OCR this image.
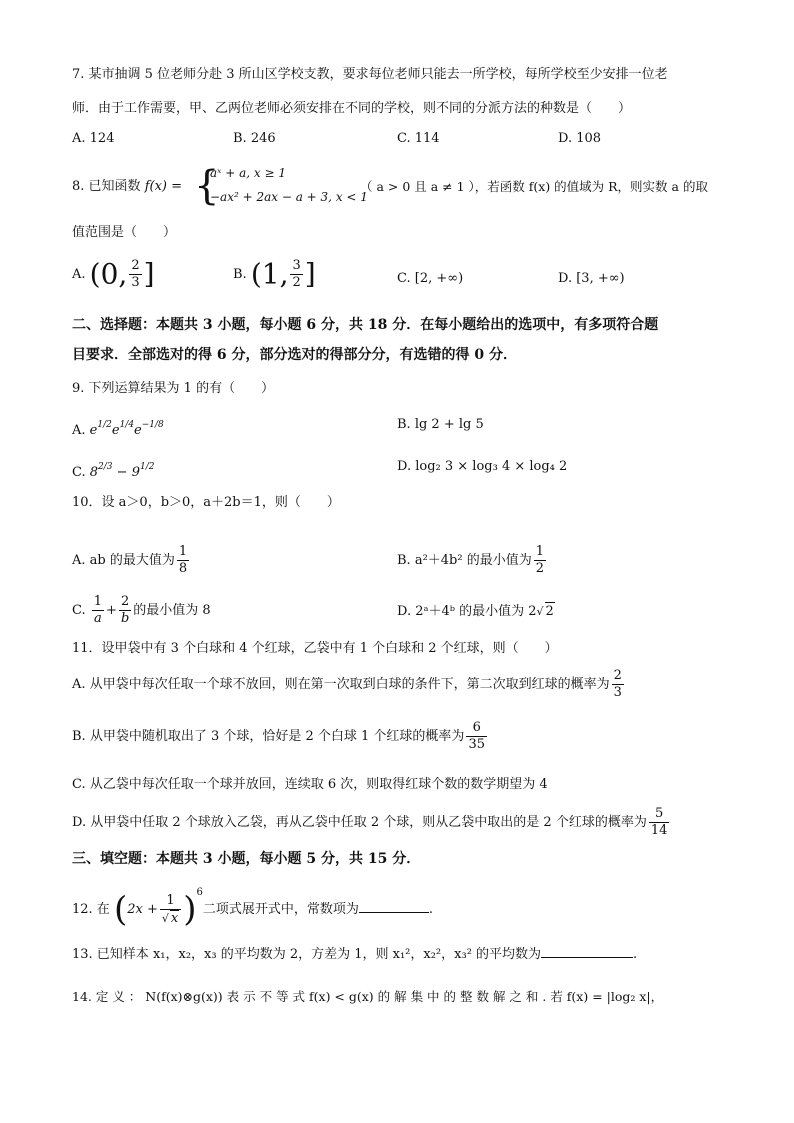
7. 某市抽调 5 位老师分赴 3 所山区学校支教，要求每位老师只能去一所学校，每所学校至少安排一位老
师．由于工作需要，甲、乙两位老师必须安排在不同的学校，则不同的分派方法的种数是（　　）
A. 124	B. 246	C. 114	D. 108
8. 已知函数 f(x) = {
aˣ + a, x ≥ 1
−ax² + 2ax − a + 3, x < 1
（ a > 0 且 a ≠ 1 ），若函数 f(x) 的值域为 R，则实数 a 的取
值范围是（　　）
A. (0, $\frac{2}{3}$ ]	B. (1, $\frac{3}{2}$ ]	C. [2, +∞)	D. [3, +∞)
二、选择题：本题共 3 小题，每小题 6 分，共 18 分．在每小题给出的选项中，有多项符合题
目要求．全部选对的得 6 分，部分选对的得部分分，有选错的得 0 分．
9. 下列运算结果为 1 的有（　　）
A. $e^{1/2}e^{1/4}e^{-1/8}$	B. lg 2 + lg 5
C. $8^{2/3} - 9^{1/2}$	D. log₂ 3 × log₃ 4 × log₄ 2
10．设 a＞0，b＞0，a＋2b＝1，则（　　）
A. ab 的最大值为 $\frac{1}{8}$	B. a²＋4b² 的最小值为 $\frac{1}{2}$
C. $\frac{1}{a} + \frac{2}{b}$ 的最小值为 8	D. 2ᵃ＋4ᵇ 的最小值为 2√ 2
11．设甲袋中有 3 个白球和 4 个红球，乙袋中有 1 个白球和 2 个红球，则（　　）
A. 从甲袋中每次任取一个球不放回，则在第一次取到白球的条件下，第二次取到红球的概率为 $\frac{2}{3}$
B. 从甲袋中随机取出了 3 个球，恰好是 2 个白球 1 个红球的概率为 $\frac{6}{35}$
C. 从乙袋中每次任取一个球并放回，连续取 6 次，则取得红球个数的数学期望为 4
D. 从甲袋中任取 2 个球放入乙袋，再从乙袋中任取 2 个球，则从乙袋中取出的是 2 个红球的概率为 $\frac{5}{14}$
三、填空题：本题共 3 小题，每小题 5 分，共 15 分．
12. 在 $(2x + \frac{1}{√ x} )^6$二项式展开式中，常数项为	.
13. 已知样本 x₁，x₂，x₃ 的平均数为 2，方差为 1，则 x₁²，x₂²，x₃² 的平均数为	.
14. 定 义 ： N(f(x)⊗g(x)) 表 示 不 等 式 f(x) < g(x) 的 解 集 中 的 整 数 解 之 和 . 若 f(x) = |log₂ x|，
